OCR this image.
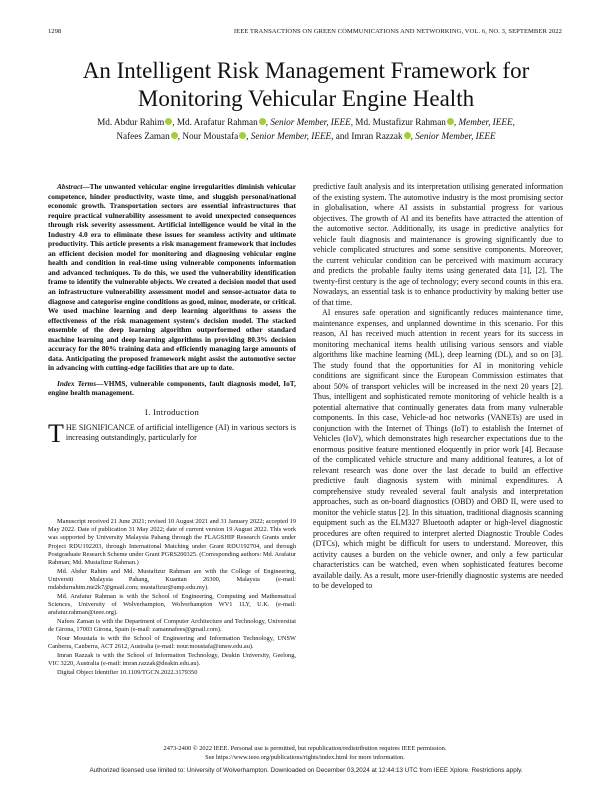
1298	IEEE TRANSACTIONS ON GREEN COMMUNICATIONS AND NETWORKING, VOL. 6, NO. 3, SEPTEMBER 2022
An Intelligent Risk Management Framework for
Monitoring Vehicular Engine Health
Md. Abdur Rahim , Md. Arafatur Rahman , Senior Member, IEEE, Md. Mustafizur Rahman , Member, IEEE,
Nafees Zaman , Nour Moustafa , Senior Member, IEEE, and Imran Razzak , Senior Member, IEEE

Abstract—The unwanted vehicular engine irregularities diminish vehicular competence, hinder productivity, waste time, and sluggish personal/national economic growth. Transportation sectors are essential infrastructures that require practical vulnerability assessment to avoid unexpected consequences through risk severity assessment. Artificial intelligence would be vital in the Industry 4.0 era to eliminate these issues for seamless activity and ultimate productivity. This article presents a risk management framework that includes an efficient decision model for monitoring and diagnosing vehicular engine health and condition in real-time using vulnerable components information and advanced techniques. To do this, we used the vulnerability identification frame to identify the vulnerable objects. We created a decision model that used an infrastructure vulnerability assessment model and sensor-actuator data to diagnose and categorise engine conditions as good, minor, moderate, or critical. We used machine learning and deep learning algorithms to assess the effectiveness of the risk management system's decision model. The stacked ensemble of the deep learning algorithm outperformed other standard machine learning and deep learning algorithms in providing 80.3% decision accuracy for the 80% training data and efficiently managing large amounts of data. Anticipating the proposed framework might assist the automotive sector in advancing with cutting-edge facilities that are up to date.

Index Terms—VHMS, vulnerable components, fault diagnosis model, IoT, engine health management.

I. Introduction

THE SIGNIFICANCE of artificial intelligence (AI) in various sectors is increasing outstandingly, particularly for

Manuscript received 21 June 2021; revised 10 August 2021 and 31 January 2022; accepted 19 May 2022. Date of publication 31 May 2022; date of current version 19 August 2022. This work was supported by University Malaysia Pahang through the FLAGSHIP Research Grants under Project RDU192203, through International Matching under Grant RDU192704, and through Postgraduate Research Scheme under Grant PGRS200325. (Corresponding authors: Md. Arafatur Rahman; Md. Mustafizur Rahman.)

Md. Abdur Rahim and Md. Mustafizur Rahman are with the College of Engineering, Universiti Malaysia Pahang, Kuantan 26300, Malaysia (e-mail: mdabdurrahim.me2k7@gmail.com; mustafizur@ump.edu.my).

Md. Arafatur Rahman is with the School of Engineering, Computing and Mathematical Sciences, University of Wolverhampton, Wolverhampton WV1 1LY, U.K. (e-mail: arafatur.rahman@ieee.org).

Nafees Zaman is with the Department of Computer Architecture and Technology, Universitat de Girona, 17003 Girona, Spain (e-mail: zamannafees@gmail.com).

Nour Moustafa is with the School of Engineering and Information Technology, UNSW Canberra, Canberra, ACT 2612, Australia (e-mail: nour.moustafa@unsw.edu.au).

Imran Razzak is with the School of Information Technology, Deakin University, Geelong, VIC 3220, Australia (e-mail: imran.razzak@deakin.edu.au).

Digital Object Identifier 10.1109/TGCN.2022.3179350

predictive fault analysis and its interpretation utilising generated information of the existing system. The automotive industry is the most promising sector in globalisation, where AI assists in substantial progress for various objectives. The growth of AI and its benefits have attracted the attention of the automotive sector. Additionally, its usage in predictive analytics for vehicle fault diagnosis and maintenance is growing significantly due to vehicle complicated structures and some sensitive components. Moreover, the current vehicular condition can be perceived with maximum accuracy and predicts the probable faulty items using generated data [1], [2]. The twenty-first century is the age of technology; every second counts in this era. Nowadays, an essential task is to enhance productivity by making better use of that time.

AI ensures safe operation and significantly reduces maintenance time, maintenance expenses, and unplanned downtime in this scenario. For this reason, AI has received much attention in recent years for its success in monitoring mechanical items health utilising various sensors and viable algorithms like machine learning (ML), deep learning (DL), and so on [3]. The study found that the opportunities for AI in monitoring vehicle conditions are significant since the European Commission estimates that about 50% of transport vehicles will be increased in the next 20 years [2]. Thus, intelligent and sophisticated remote monitoring of vehicle health is a potential alternative that continually generates data from many vulnerable components. In this case, Vehicle-ad hoc networks (VANETs) are used in conjunction with the Internet of Things (IoT) to establish the Internet of Vehicles (IoV), which demonstrates high researcher expectations due to the enormous positive feature mentioned eloquently in prior work [4]. Because of the complicated vehicle structure and many additional features, a lot of relevant research was done over the last decade to build an effective predictive fault diagnosis system with minimal expenditures. A comprehensive study revealed several fault analysis and interpretation approaches, such as on-board diagnostics (OBD) and OBD II, were used to monitor the vehicle status [2]. In this situation, traditional diagnosis scanning equipment such as the ELM327 Bluetooth adapter or high-level diagnostic procedures are often required to interpret alerted Diagnostic Trouble Codes (DTCs), which might be difficult for users to understand. Moreover, this activity causes a burden on the vehicle owner, and only a few particular characteristics can be watched, even when sophisticated features become available daily. As a result, more user-friendly diagnostic systems are needed to be developed to

2473-2400 © 2022 IEEE. Personal use is permitted, but republication/redistribution requires IEEE permission.
See https://www.ieee.org/publications/rights/index.html for more information.
Authorized licensed use limited to: University of Wolverhampton. Downloaded on December 03,2024 at 12:44:13 UTC from IEEE Xplore. Restrictions apply.
